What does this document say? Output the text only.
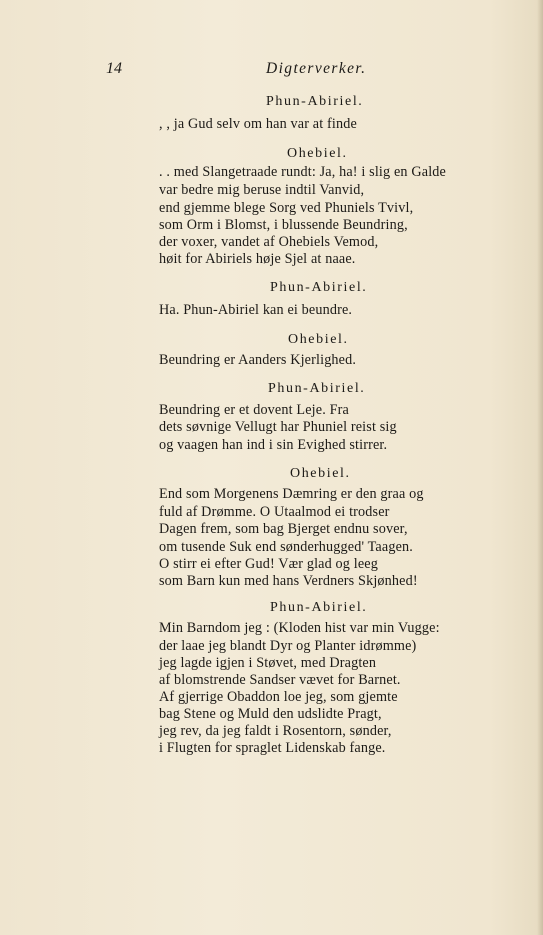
14	Digterverker.
Phun-Abiriel.
, , ja Gud selv om han var at finde
Ohebiel.
. . med Slangetraade rundt: Ja, ha! i slig en Galde
var bedre mig beruse indtil Vanvid,
end gjemme blege Sorg ved Phuniels Tvivl,
som Orm i Blomst, i blussende Beundring,
der voxer, vandet af Ohebiels Vemod,
høit for Abiriels høje Sjel at naae.
Phun-Abiriel.
Ha. Phun-Abiriel kan ei beundre.
Ohebiel.
Beundring er Aanders Kjerlighed.
Phun-Abiriel.
Beundring er et dovent Leje. Fra
dets søvnige Vellugt har Phuniel reist sig
og vaagen han ind i sin Evighed stirrer.
Ohebiel.
End som Morgenens Dæmring er den graa og
fuld af Drømme. O Utaalmod ei trodser
Dagen frem, som bag Bjerget endnu sover,
om tusende Suk end sønderhugged' Taagen.
O stirr ei efter Gud! Vær glad og leeg
som Barn kun med hans Verdners Skjønhed!
Phun-Abiriel.
Min Barndom jeg : (Kloden hist var min Vugge:
der laae jeg blandt Dyr og Planter idrømme)
jeg lagde igjen i Støvet, med Dragten
af blomstrende Sandser vævet for Barnet.
Af gjerrige Obaddon loe jeg, som gjemte
bag Stene og Muld den udslidte Pragt,
jeg rev, da jeg faldt i Rosentorn, sønder,
i Flugten for spraglet Lidenskab fange.
